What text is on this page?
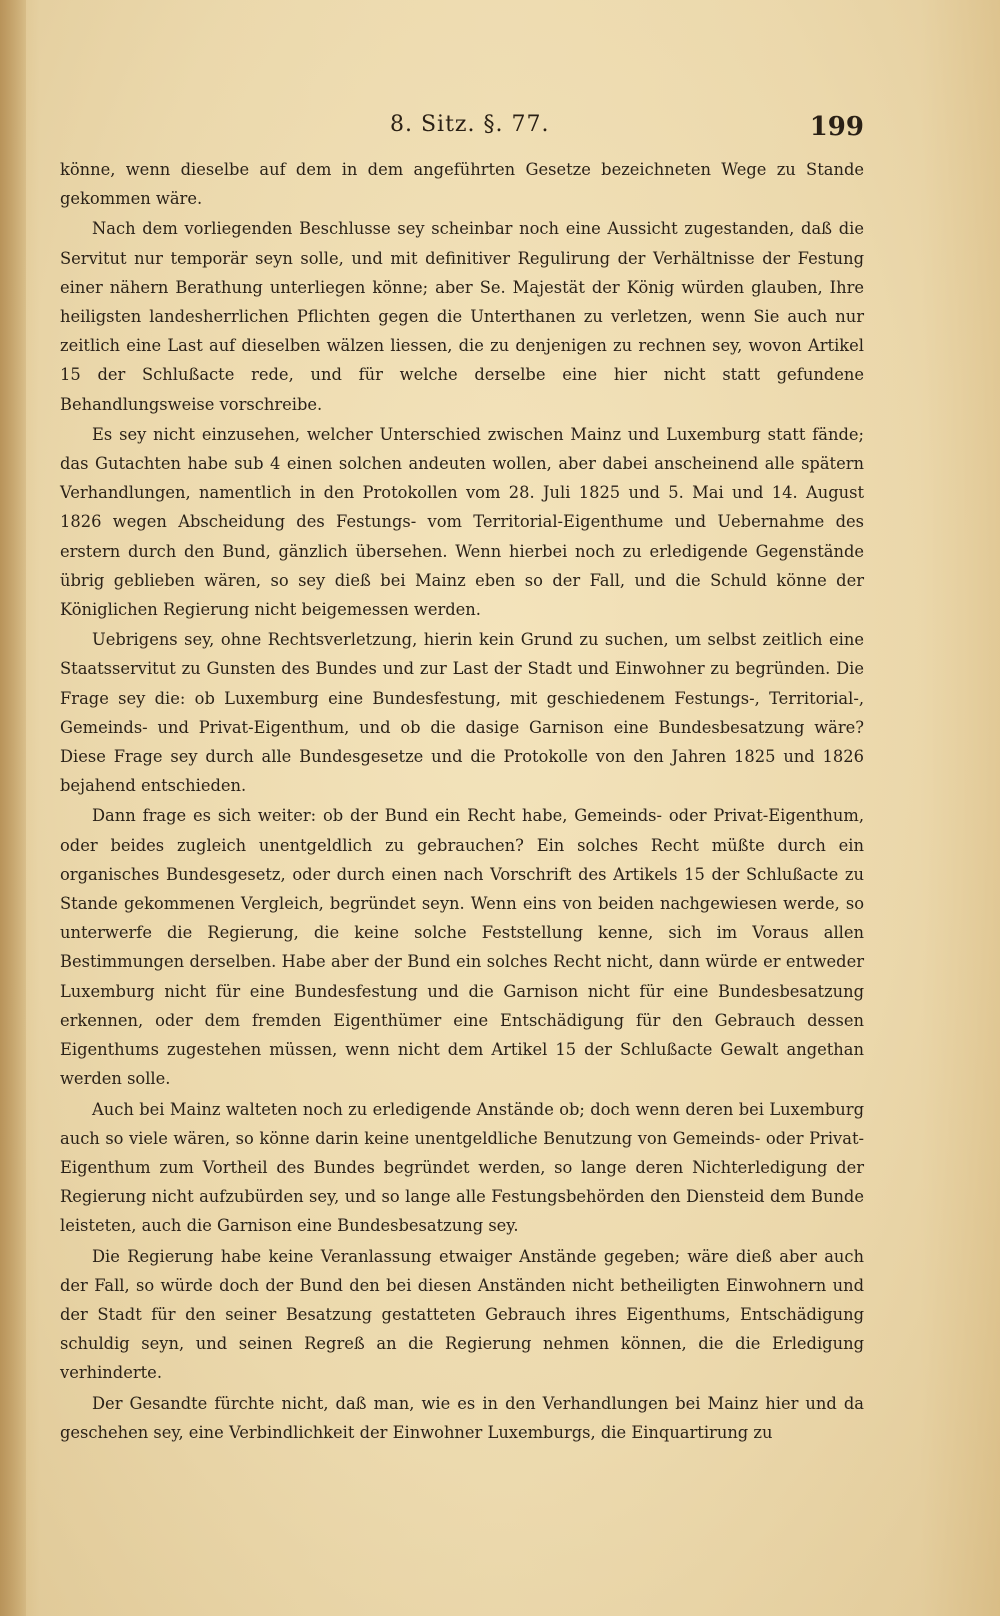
8. Sitz. §. 77.	199

könne, wenn dieselbe auf dem in dem angeführten Gesetze bezeichneten Wege zu Stande gekommen wäre.

Nach dem vorliegenden Beschlusse sey scheinbar noch eine Aussicht zugestanden, daß die Servitut nur temporär seyn solle, und mit definitiver Regulirung der Verhältnisse der Festung einer nähern Berathung unterliegen könne; aber Se. Majestät der König würden glauben, Ihre heiligsten landesherrlichen Pflichten gegen die Unterthanen zu verletzen, wenn Sie auch nur zeitlich eine Last auf dieselben wälzen liessen, die zu denjenigen zu rechnen sey, wovon Artikel 15 der Schlußacte rede, und für welche derselbe eine hier nicht statt gefundene Behandlungsweise vorschreibe.

Es sey nicht einzusehen, welcher Unterschied zwischen Mainz und Luxemburg statt fände; das Gutachten habe sub 4 einen solchen andeuten wollen, aber dabei anscheinend alle spätern Verhandlungen, namentlich in den Protokollen vom 28. Juli 1825 und 5. Mai und 14. August 1826 wegen Abscheidung des Festungs- vom Territorial-Eigenthume und Uebernahme des erstern durch den Bund, gänzlich übersehen. Wenn hierbei noch zu erledigende Gegenstände übrig geblieben wären, so sey dieß bei Mainz eben so der Fall, und die Schuld könne der Königlichen Regierung nicht beigemessen werden.

Uebrigens sey, ohne Rechtsverletzung, hierin kein Grund zu suchen, um selbst zeitlich eine Staatsservitut zu Gunsten des Bundes und zur Last der Stadt und Einwohner zu begründen. Die Frage sey die: ob Luxemburg eine Bundesfestung, mit geschiedenem Festungs-, Territorial-, Gemeinds- und Privat-Eigenthum, und ob die dasige Garnison eine Bundesbesatzung wäre? Diese Frage sey durch alle Bundesgesetze und die Protokolle von den Jahren 1825 und 1826 bejahend entschieden.

Dann frage es sich weiter: ob der Bund ein Recht habe, Gemeinds- oder Privat-Eigenthum, oder beides zugleich unentgeldlich zu gebrauchen? Ein solches Recht müßte durch ein organisches Bundesgesetz, oder durch einen nach Vorschrift des Artikels 15 der Schlußacte zu Stande gekommenen Vergleich, begründet seyn. Wenn eins von beiden nachgewiesen werde, so unterwerfe die Regierung, die keine solche Feststellung kenne, sich im Voraus allen Bestimmungen derselben. Habe aber der Bund ein solches Recht nicht, dann würde er entweder Luxemburg nicht für eine Bundesfestung und die Garnison nicht für eine Bundesbesatzung erkennen, oder dem fremden Eigenthümer eine Entschädigung für den Gebrauch dessen Eigenthums zugestehen müssen, wenn nicht dem Artikel 15 der Schlußacte Gewalt angethan werden solle.

Auch bei Mainz walteten noch zu erledigende Anstände ob; doch wenn deren bei Luxemburg auch so viele wären, so könne darin keine unentgeldliche Benutzung von Gemeinds- oder Privat-Eigenthum zum Vortheil des Bundes begründet werden, so lange deren Nichterledigung der Regierung nicht aufzubürden sey, und so lange alle Festungsbehörden den Diensteid dem Bunde leisteten, auch die Garnison eine Bundesbesatzung sey.

Die Regierung habe keine Veranlassung etwaiger Anstände gegeben; wäre dieß aber auch der Fall, so würde doch der Bund den bei diesen Anständen nicht betheiligten Einwohnern und der Stadt für den seiner Besatzung gestatteten Gebrauch ihres Eigenthums, Entschädigung schuldig seyn, und seinen Regreß an die Regierung nehmen können, die die Erledigung verhinderte.

Der Gesandte fürchte nicht, daß man, wie es in den Verhandlungen bei Mainz hier und da geschehen sey, eine Verbindlichkeit der Einwohner Luxemburgs, die Einquartirung zu
